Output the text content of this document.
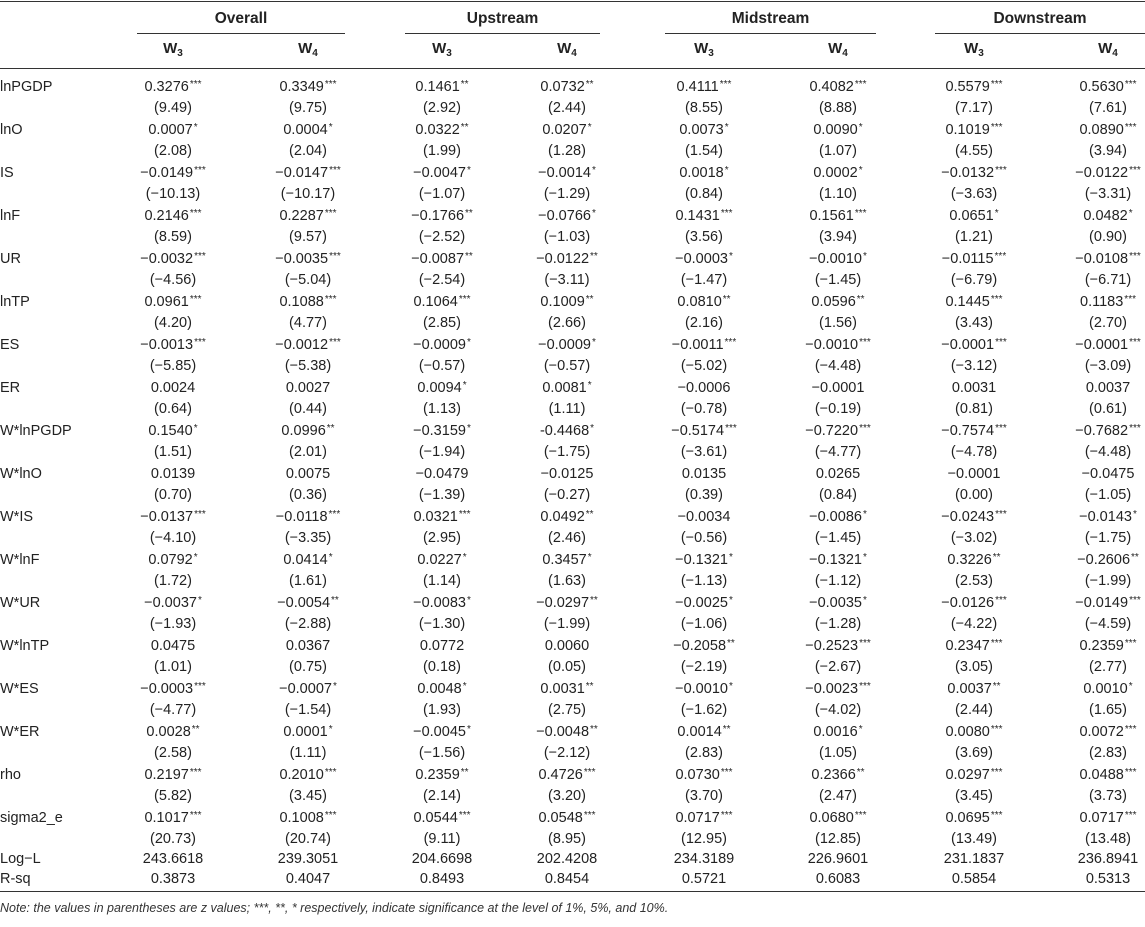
Overall	Upstream	Midstream	Downstream
$W_3$	$W_4$	$W_3$	$W_4$	$W_3$	$W_4$	$W_3$	$W_4$
lnPGDP	0.3276***	0.3349***	0.1461**	0.0732**	0.4111***	0.4082***	0.5579***	0.5630***
(9.49)	(9.75)	(2.92)	(2.44)	(8.55)	(8.88)	(7.17)	(7.61)
lnO	0.0007*	0.0004*	0.0322**	0.0207*	0.0073*	0.0090*	0.1019***	0.0890***
(2.08)	(2.04)	(1.99)	(1.28)	(1.54)	(1.07)	(4.55)	(3.94)
IS	−0.0149***	−0.0147***	−0.0047*	−0.0014*	0.0018*	0.0002*	−0.0132***	−0.0122***
(−10.13)	(−10.17)	(−1.07)	(−1.29)	(0.84)	(1.10)	(−3.63)	(−3.31)
lnF	0.2146***	0.2287***	−0.1766**	−0.0766*	0.1431***	0.1561***	0.0651*	0.0482*
(8.59)	(9.57)	(−2.52)	(−1.03)	(3.56)	(3.94)	(1.21)	(0.90)
UR	−0.0032***	−0.0035***	−0.0087**	−0.0122**	−0.0003*	−0.0010*	−0.0115***	−0.0108***
(−4.56)	(−5.04)	(−2.54)	(−3.11)	(−1.47)	(−1.45)	(−6.79)	(−6.71)
lnTP	0.0961***	0.1088***	0.1064***	0.1009**	0.0810**	0.0596**	0.1445***	0.1183***
(4.20)	(4.77)	(2.85)	(2.66)	(2.16)	(1.56)	(3.43)	(2.70)
ES	−0.0013***	−0.0012***	−0.0009*	−0.0009*	−0.0011***	−0.0010***	−0.0001***	−0.0001***
(−5.85)	(−5.38)	(−0.57)	(−0.57)	(−5.02)	(−4.48)	(−3.12)	(−3.09)
ER	0.0024	0.0027	0.0094*	0.0081*	−0.0006	−0.0001	0.0031	0.0037
(0.64)	(0.44)	(1.13)	(1.11)	(−0.78)	(−0.19)	(0.81)	(0.61)
W*lnPGDP	0.1540*	0.0996**	−0.3159*	-0.4468*	−0.5174***	−0.7220***	−0.7574***	−0.7682***
(1.51)	(2.01)	(−1.94)	(−1.75)	(−3.61)	(−4.77)	(−4.78)	(−4.48)
W*lnO	0.0139	0.0075	−0.0479	−0.0125	0.0135	0.0265	−0.0001	−0.0475
(0.70)	(0.36)	(−1.39)	(−0.27)	(0.39)	(0.84)	(0.00)	(−1.05)
W*IS	−0.0137***	−0.0118***	0.0321***	0.0492**	−0.0034	−0.0086*	−0.0243***	−0.0143*
(−4.10)	(−3.35)	(2.95)	(2.46)	(−0.56)	(−1.45)	(−3.02)	(−1.75)
W*lnF	0.0792*	0.0414*	0.0227*	0.3457*	−0.1321*	−0.1321*	0.3226**	−0.2606**
(1.72)	(1.61)	(1.14)	(1.63)	(−1.13)	(−1.12)	(2.53)	(−1.99)
W*UR	−0.0037*	−0.0054**	−0.0083*	−0.0297**	−0.0025*	−0.0035*	−0.0126***	−0.0149***
(−1.93)	(−2.88)	(−1.30)	(−1.99)	(−1.06)	(−1.28)	(−4.22)	(−4.59)
W*lnTP	0.0475	0.0367	0.0772	0.0060	−0.2058**	−0.2523***	0.2347***	0.2359***
(1.01)	(0.75)	(0.18)	(0.05)	(−2.19)	(−2.67)	(3.05)	(2.77)
W*ES	−0.0003***	−0.0007*	0.0048*	0.0031**	−0.0010*	−0.0023***	0.0037**	0.0010*
(−4.77)	(−1.54)	(1.93)	(2.75)	(−1.62)	(−4.02)	(2.44)	(1.65)
W*ER	0.0028**	0.0001*	−0.0045*	−0.0048**	0.0014**	0.0016*	0.0080***	0.0072***
(2.58)	(1.11)	(−1.56)	(−2.12)	(2.83)	(1.05)	(3.69)	(2.83)
rho	0.2197***	0.2010***	0.2359**	0.4726***	0.0730***	0.2366**	0.0297***	0.0488***
(5.82)	(3.45)	(2.14)	(3.20)	(3.70)	(2.47)	(3.45)	(3.73)
sigma2_e	0.1017***	0.1008***	0.0544***	0.0548***	0.0717***	0.0680***	0.0695***	0.0717***
(20.73)	(20.74)	(9.11)	(8.95)	(12.95)	(12.85)	(13.49)	(13.48)
Log−L	243.6618	239.3051	204.6698	202.4208	234.3189	226.9601	231.1837	236.8941
R-sq	0.3873	0.4047	0.8493	0.8454	0.5721	0.6083	0.5854	0.5313
Note: the values in parentheses are z values; ***, **, * respectively, indicate significance at the level of 1%, 5%, and 10%.
